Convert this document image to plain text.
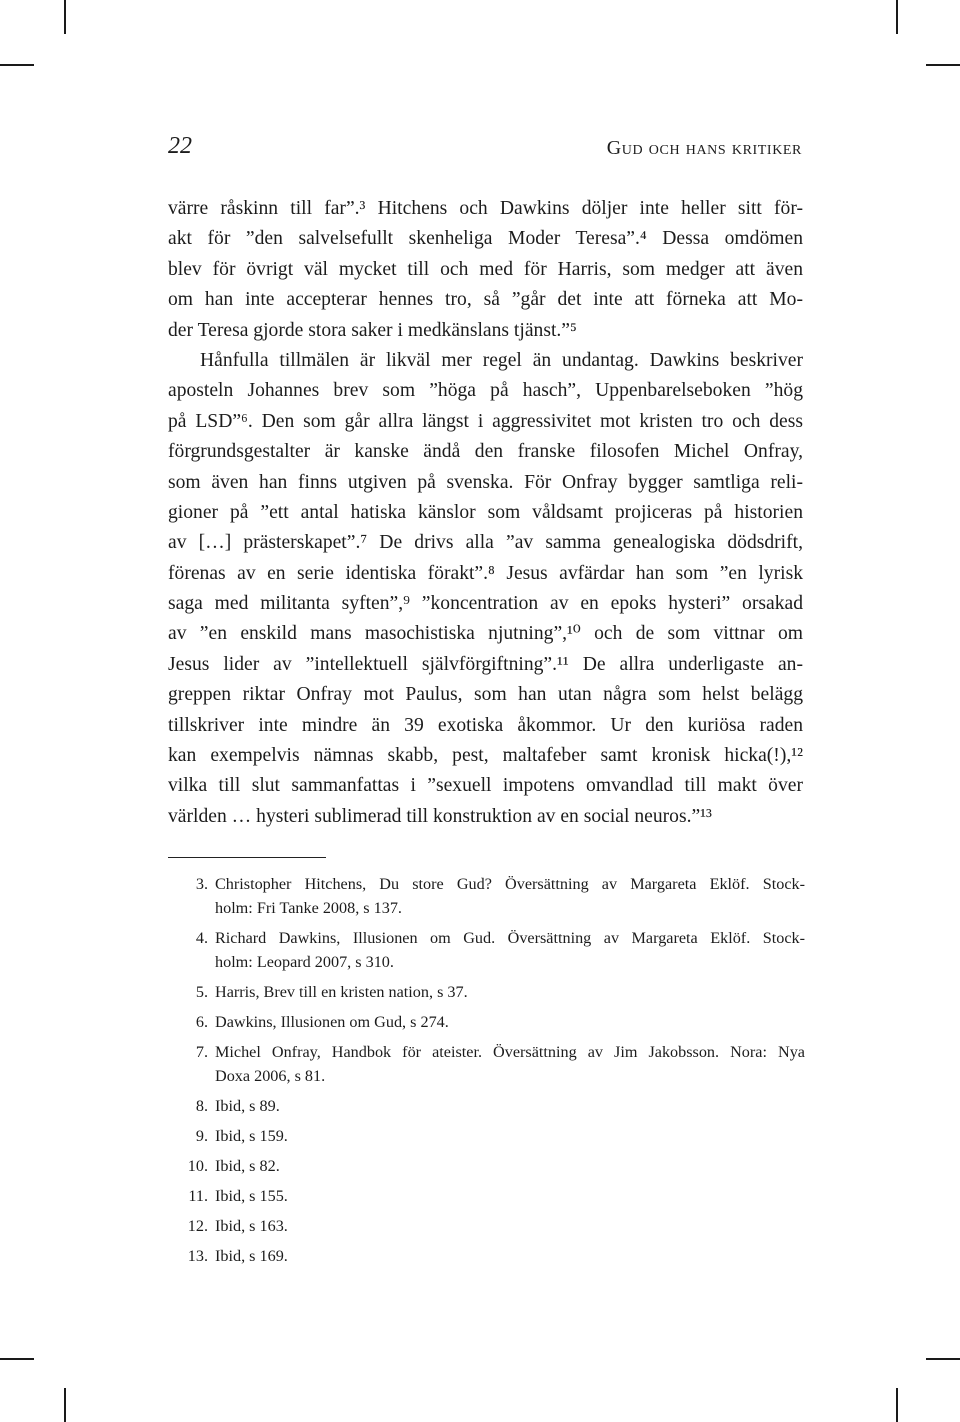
22	Gud och hans kritiker
värre råskinn till far”.³ Hitchens och Dawkins döljer inte heller sitt för-
akt för ”den salvelsefullt skenheliga Moder Teresa”.⁴ Dessa omdömen
blev för övrigt väl mycket till och med för Harris, som medger att även
om han inte accepterar hennes tro, så ”går det inte att förneka att Mo-
der Teresa gjorde stora saker i medkänslans tjänst.”⁵
Hånfulla tillmälen är likväl mer regel än undantag. Dawkins beskriver
aposteln Johannes brev som ”höga på hasch”, Uppenbarelseboken ”hög
på LSD”⁶. Den som går allra längst i aggressivitet mot kristen tro och dess
förgrundsgestalter är kanske ändå den franske filosofen Michel Onfray,
som även han finns utgiven på svenska. För Onfray bygger samtliga reli-
gioner på ”ett antal hatiska känslor som våldsamt projiceras på historien
av […] prästerskapet”.⁷ De drivs alla ”av samma genealogiska dödsdrift,
förenas av en serie identiska förakt”.⁸ Jesus avfärdar han som ”en lyrisk
saga med militanta syften”,⁹ ”koncentration av en epoks hysteri” orsakad
av ”en enskild mans masochistiska njutning”,¹⁰ och de som vittnar om
Jesus lider av ”intellektuell självförgiftning”.¹¹ De allra underligaste an-
greppen riktar Onfray mot Paulus, som han utan några som helst belägg
tillskriver inte mindre än 39 exotiska åkommor. Ur den kuriösa raden
kan exempelvis nämnas skabb, pest, maltafeber samt kronisk hicka(!),¹²
vilka till slut sammanfattas i ”sexuell impotens omvandlad till makt över
världen … hysteri sublimerad till konstruktion av en social neuros.”¹³
3. Christopher Hitchens, Du store Gud? Översättning av Margareta Eklöf. Stock-
holm: Fri Tanke 2008, s 137.
4. Richard Dawkins, Illusionen om Gud. Översättning av Margareta Eklöf. Stock-
holm: Leopard 2007, s 310.
5. Harris, Brev till en kristen nation, s 37.
6. Dawkins, Illusionen om Gud, s 274.
7. Michel Onfray, Handbok för ateister. Översättning av Jim Jakobsson. Nora: Nya
Doxa 2006, s 81.
8. Ibid, s 89.
9. Ibid, s 159.
10. Ibid, s 82.
11. Ibid, s 155.
12. Ibid, s 163.
13. Ibid, s 169.
